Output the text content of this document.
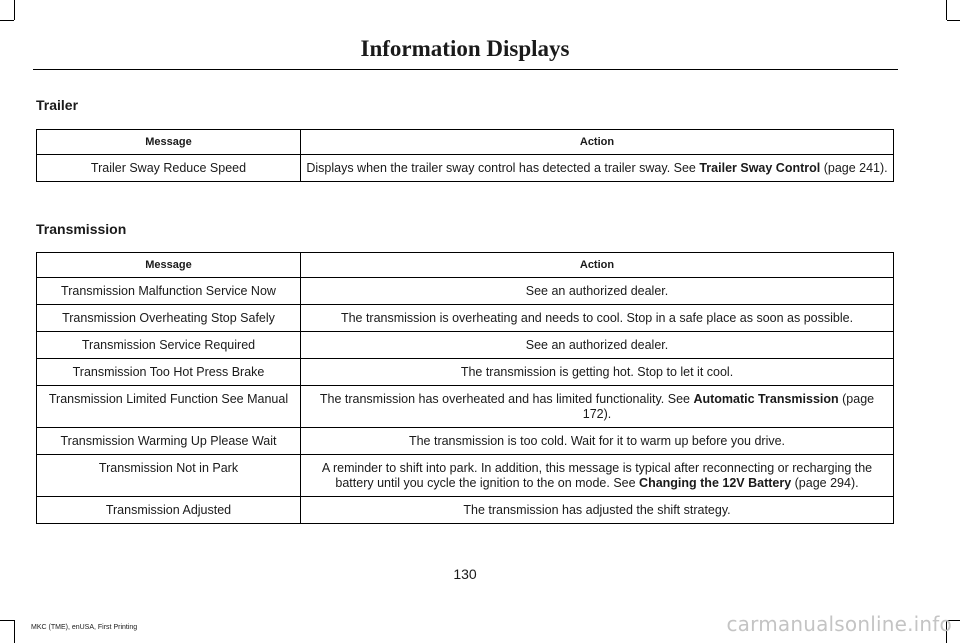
Information Displays
Trailer
Message	Action
Trailer Sway Reduce Speed	Displays when the trailer sway control has detected a trailer sway. See Trailer Sway Control (page 241).
Transmission
Message	Action
Transmission Malfunction Service Now	See an authorized dealer.
Transmission Overheating Stop Safely	The transmission is overheating and needs to cool. Stop in a safe place as soon as possible.
Transmission Service Required	See an authorized dealer.
Transmission Too Hot Press Brake	The transmission is getting hot. Stop to let it cool.
Transmission Limited Function See Manual	The transmission has overheated and has limited functionality. See Automatic Transmission (page 172).
Transmission Warming Up Please Wait	The transmission is too cold. Wait for it to warm up before you drive.
Transmission Not in Park	A reminder to shift into park. In addition, this message is typical after reconnecting or recharging the battery until you cycle the ignition to the on mode. See Changing the 12V Battery (page 294).
Transmission Adjusted	The transmission has adjusted the shift strategy.
130
MKC (TME), enUSA, First Printing	carmanualsonline.info
